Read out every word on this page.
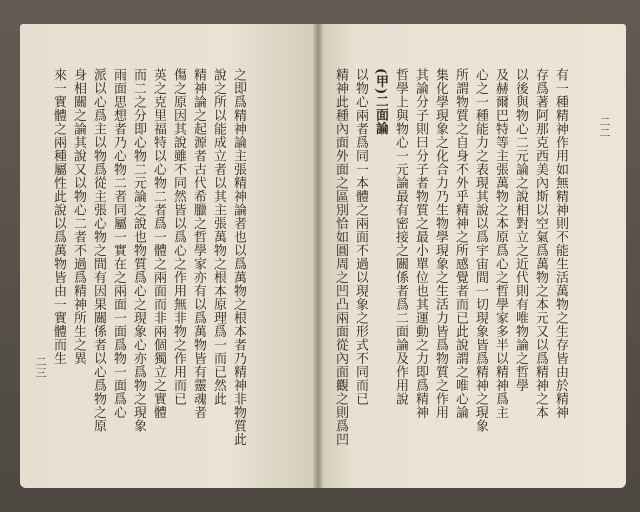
之即爲精神論主張精神論者也以爲萬物之根本者乃精神非物質此
說之所以能成立者以其主張萬物之根本原理爲一而已然此
精神論之起源者古代希臘之哲學家亦有以爲萬物皆有靈魂者
傷之原因其說雖不同然皆以爲心之作用無非物之作用而已
英之克里福特以心物二者爲一體之兩面而非兩個獨立之實體
而二之分即心物二元論之說也物質爲心之現象心亦爲物之現象
雨面思想者乃心物二者同屬一實在之兩面一面爲物一面爲心
派以心爲主以物爲從主張心物之間有因果關係者以心爲物之原
身相關之論其說又以物心二者不過爲精神所生之異
來一實體之兩種屬性此說以爲萬物皆由一實體而生
二三	有一種精神作用如無精神則不能生活萬物之生存皆由於精神
存爲著阿那克西美內斯以空氣爲萬物之本元又以爲精神之本
以後與物心二元論之說相對立之近代則有唯物論之哲學
及赫爾巴特等主張萬物之本原爲心之哲學家多半以精神爲主
心之一種能力之表現其說以爲宇宙間一切現象皆爲精神之現象
所謂物質之自身不外乎精神之所感覺者而已此說謂之唯心論
集化學現象之化合力乃生物學現象之生活力皆爲物質之作用
其論分子則曰分子者物質之最小單位也其運動之力即爲精神
哲學上與物心一元論最有密接之關係者爲二面論及作用說
(甲)二面論
以物心兩者爲同一本體之兩面不過以現象之形式不同而已
精神此種內面外面之區別恰如圓周之凹凸兩面從內面觀之則爲凹	二二
